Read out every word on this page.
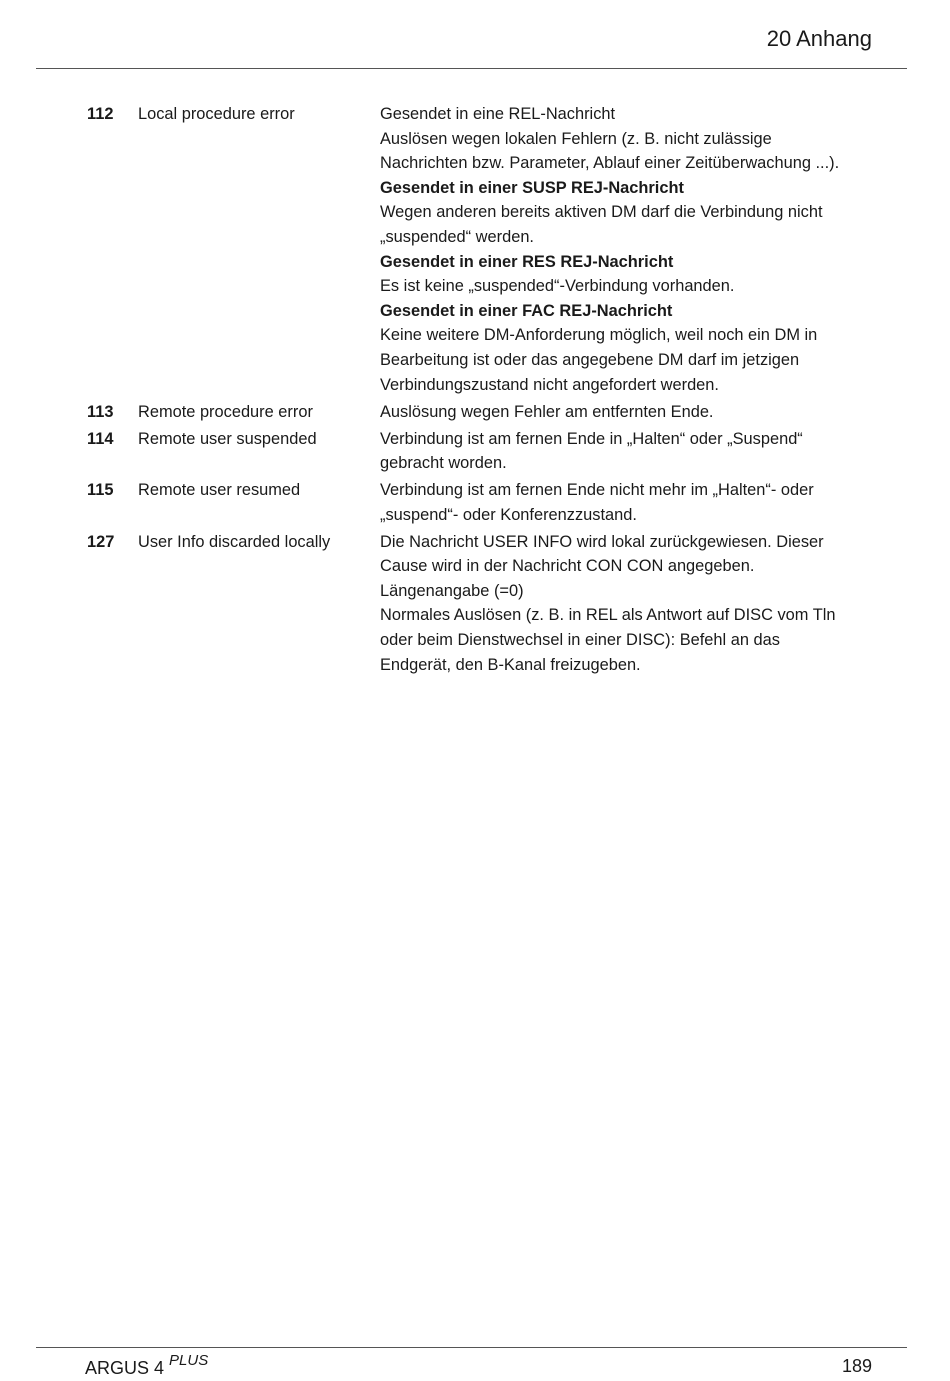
20 Anhang
112 Local procedure error	Gesendet in eine REL-Nachricht
Auslösen wegen lokalen Fehlern (z. B. nicht zulässige
Nachrichten bzw. Parameter, Ablauf einer Zeitüberwachung ...).
Gesendet in einer SUSP REJ-Nachricht
Wegen anderen bereits aktiven DM darf die Verbindung nicht
„suspended“ werden.
Gesendet in einer RES REJ-Nachricht
Es ist keine „suspended“-Verbindung vorhanden.
Gesendet in einer FAC REJ-Nachricht
Keine weitere DM-Anforderung möglich, weil noch ein DM in
Bearbeitung ist oder das angegebene DM darf im jetzigen
Verbindungszustand nicht angefordert werden.
113 Remote procedure error	Auslösung wegen Fehler am entfernten Ende.
114 Remote user suspended	Verbindung ist am fernen Ende in „Halten“ oder „Suspend“
gebracht worden.
115 Remote user resumed	Verbindung ist am fernen Ende nicht mehr im „Halten“- oder
„suspend“- oder Konferenzzustand.
127 User Info discarded locally	Die Nachricht USER INFO wird lokal zurückgewiesen. Dieser
Cause wird in der Nachricht CON CON angegeben.
Längenangabe (=0)
Normales Auslösen (z. B. in REL als Antwort auf DISC vom Tln
oder beim Dienstwechsel in einer DISC): Befehl an das
Endgerät, den B-Kanal freizugeben.
ARGUS 4 $^{PLUS}$	189
